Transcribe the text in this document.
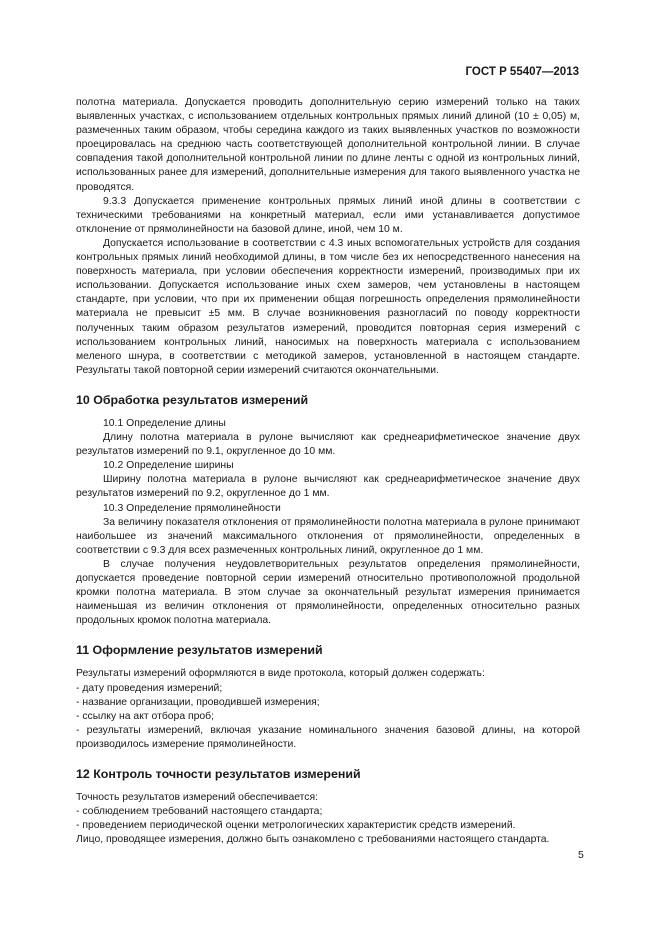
ГОСТ Р 55407—2013

полотна материала. Допускается проводить дополнительную серию измерений только на таких выявленных участках, с использованием отдельных контрольных прямых линий длиной (10 ± 0,05) м, размеченных таким образом, чтобы середина каждого из таких выявленных участков по возможности проецировалась на среднюю часть соответствующей дополнительной контрольной линии. В случае совпадения такой дополнительной контрольной линии по длине ленты с одной из контрольных линий, использованных ранее для измерений, дополнительные измерения для такого выявленного участка не проводятся.

9.3.3 Допускается применение контрольных прямых линий иной длины в соответствии с техническими требованиями на конкретный материал, если ими устанавливается допустимое отклонение от прямолинейности на базовой длине, иной, чем 10 м.

Допускается использование в соответствии с 4.3 иных вспомогательных устройств для создания контрольных прямых линий необходимой длины, в том числе без их непосредственного нанесения на поверхность материала, при условии обеспечения корректности измерений, производимых при их использовании. Допускается использование иных схем замеров, чем установлены в настоящем стандарте, при условии, что при их применении общая погрешность определения прямолинейности материала не превысит ±5 мм. В случае возникновения разногласий по поводу корректности полученных таким образом результатов измерений, проводится повторная серия измерений с использованием контрольных линий, наносимых на поверхность материала с использованием меленого шнура, в соответствии с методикой замеров, установленной в настоящем стандарте. Результаты такой повторной серии измерений считаются окончательными.

10 Обработка результатов измерений

10.1 Определение длины

Длину полотна материала в рулоне вычисляют как среднеарифметическое значение двух результатов измерений по 9.1, округленное до 10 мм.

10.2 Определение ширины

Ширину полотна материала в рулоне вычисляют как среднеарифметическое значение двух результатов измерений по 9.2, округленное до 1 мм.

10.3 Определение прямолинейности

За величину показателя отклонения от прямолинейности полотна материала в рулоне принимают наибольшее из значений максимального отклонения от прямолинейности, определенных в соответствии с 9.3 для всех размеченных контрольных линий, округленное до 1 мм.

В случае получения неудовлетворительных результатов определения прямолинейности, допускается проведение повторной серии измерений относительно противоположной продольной кромки полотна материала. В этом случае за окончательный результат измерения принимается наименьшая из величин отклонения от прямолинейности, определенных относительно разных продольных кромок полотна материала.

11 Оформление результатов измерений

Результаты измерений оформляются в виде протокола, который должен содержать:

- дату проведения измерений;

- название организации, проводившей измерения;

- ссылку на акт отбора проб;

- результаты измерений, включая указание номинального значения базовой длины, на которой производилось измерение прямолинейности.

12 Контроль точности результатов измерений

Точность результатов измерений обеспечивается:

- соблюдением требований настоящего стандарта;

- проведением периодической оценки метрологических характеристик средств измерений.

Лицо, проводящее измерения, должно быть ознакомлено с требованиями настоящего стандарта.

5
